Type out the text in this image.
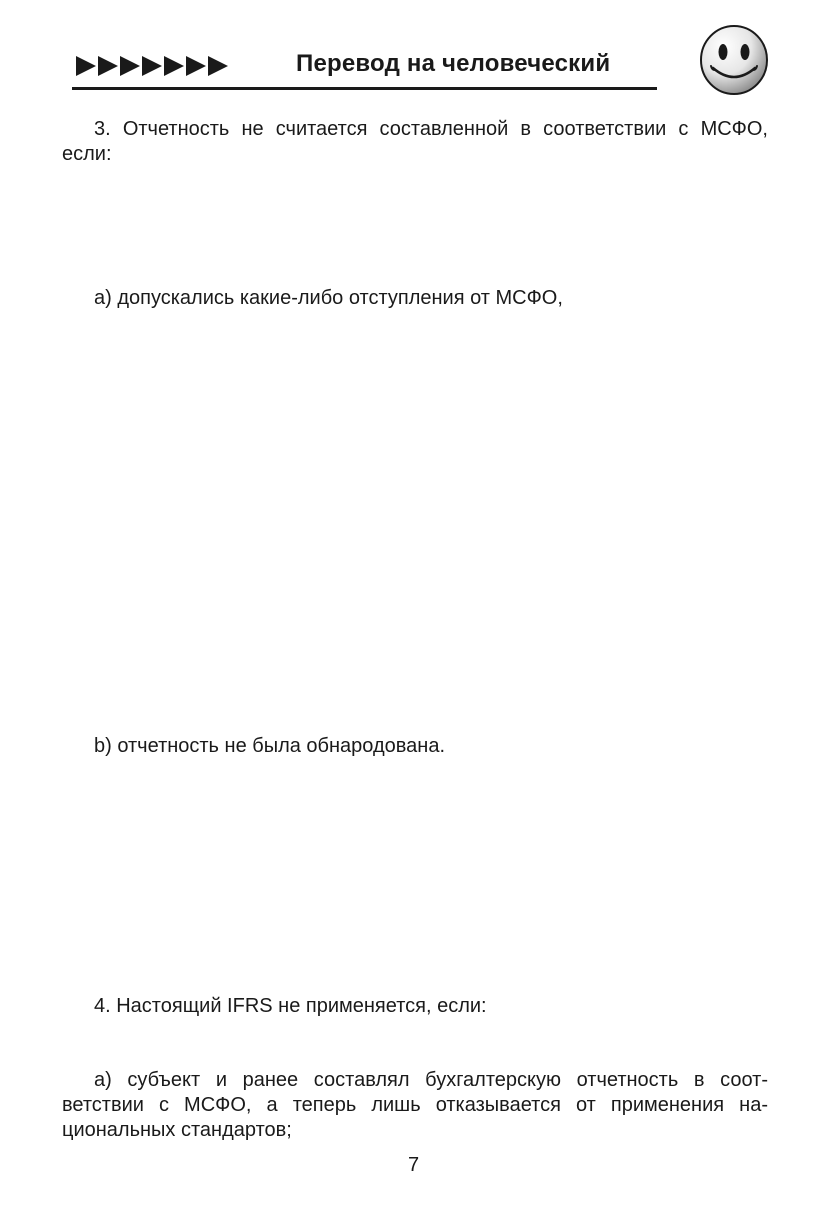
Перевод на человеческий
3. Отчетность не считается составленной в соответствии с МСФО,
если:
a) допускались какие-либо отступления от МСФО,
b) отчетность не была обнародована.
4. Настоящий IFRS не применяется, если:
a) субъект и ранее составлял бухгалтерскую отчетность в соот-
ветствии с МСФО, а теперь лишь отказывается от применения на-
циональных стандартов;
7
